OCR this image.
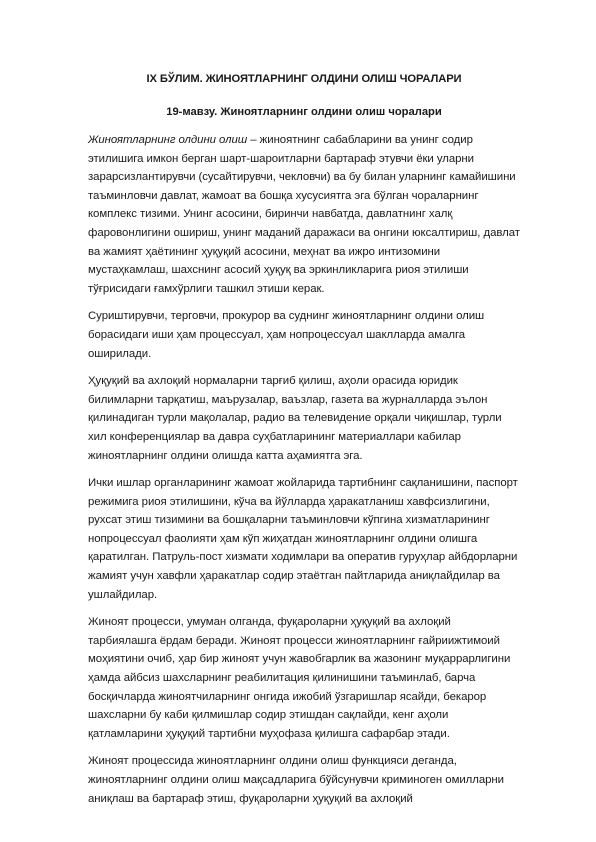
IX БЎЛИМ. ЖИНОЯТЛАРНИНГ ОЛДИНИ ОЛИШ ЧОРАЛАРИ
19-мавзу. Жиноятларнинг олдини олиш чоралари

Жиноятларнинг олдини олиш – жиноятнинг сабабларини ва унинг содир этилишига имкон берган шарт-шароитларни бартараф этувчи ёки уларни зарарсизлантирувчи (сусайтирувчи, чекловчи) ва бу билан уларнинг камайишини таъминловчи давлат, жамоат ва бошқа хусусиятга эга бўлган чораларнинг комплекс тизими. Унинг асосини, биринчи навбатда, давлатнинг халқ фаровонлигини ошириш, унинг маданий даражаси ва онгини юксалтириш, давлат ва жамият ҳаётининг ҳуқуқий асосини, меҳнат ва ижро интизомини мустаҳкамлаш, шахснинг асосий ҳуқуқ ва эркинликларига риоя этилиши тўғрисидаги ғамхўрлиги ташкил этиши керак.

Суриштирувчи, терговчи, прокурор ва суднинг жиноятларнинг олдини олиш борасидаги иши ҳам процессуал, ҳам нопроцессуал шаклларда амалга оширилади.

Ҳуқуқий ва ахлоқий нормаларни тарғиб қилиш, аҳоли орасида юридик билимларни тарқатиш, маърузалар, ваъзлар, газета ва журналларда эълон қилинадиган турли мақолалар, радио ва телевидение орқали чиқишлар, турли хил конференциялар ва давра суҳбатларининг материаллари кабилар жиноятларнинг олдини олишда катта аҳамиятга эга.

Ички ишлар органларининг жамоат жойларида тартибнинг сақланишини, паспорт режимига риоя этилишини, кўча ва йўлларда ҳаракатланиш хавфсизлигини, рухсат этиш тизимини ва бошқаларни таъминловчи кўпгина хизматларининг нопроцессуал фаолияти ҳам кўп жиҳатдан жиноятларнинг олдини олишга қаратилган. Патруль-пост хизмати ходимлари ва оператив гуруҳлар айбдорларни жамият учун хавфли ҳаракатлар содир этаётган пайтларида аниқлайдилар ва ушлайдилар.

Жиноят процесси, умуман олганда, фуқароларни ҳуқуқий ва ахлоқий тарбиялашга ёрдам беради. Жиноят процесси жиноятларнинг ғайриижтимоий моҳиятини очиб, ҳар бир жиноят учун жавобгарлик ва жазонинг муқаррарлигини ҳамда айбсиз шахсларнинг реабилитация қилинишини таъминлаб, барча босқичларда жиноятчиларнинг онгида ижобий ўзгаришлар ясайди, бекарор шахсларни бу каби қилмишлар содир этишдан сақлайди, кенг аҳоли қатламларини ҳуқуқий тартибни муҳофаза қилишга сафарбар этади.

Жиноят процессида жиноятларнинг олдини олиш функцияси деганда, жиноятларнинг олдини олиш мақсадларига бўйсунувчи криминоген омилларни аниқлаш ва бартараф этиш, фуқароларни ҳуқуқий ва ахлоқий
